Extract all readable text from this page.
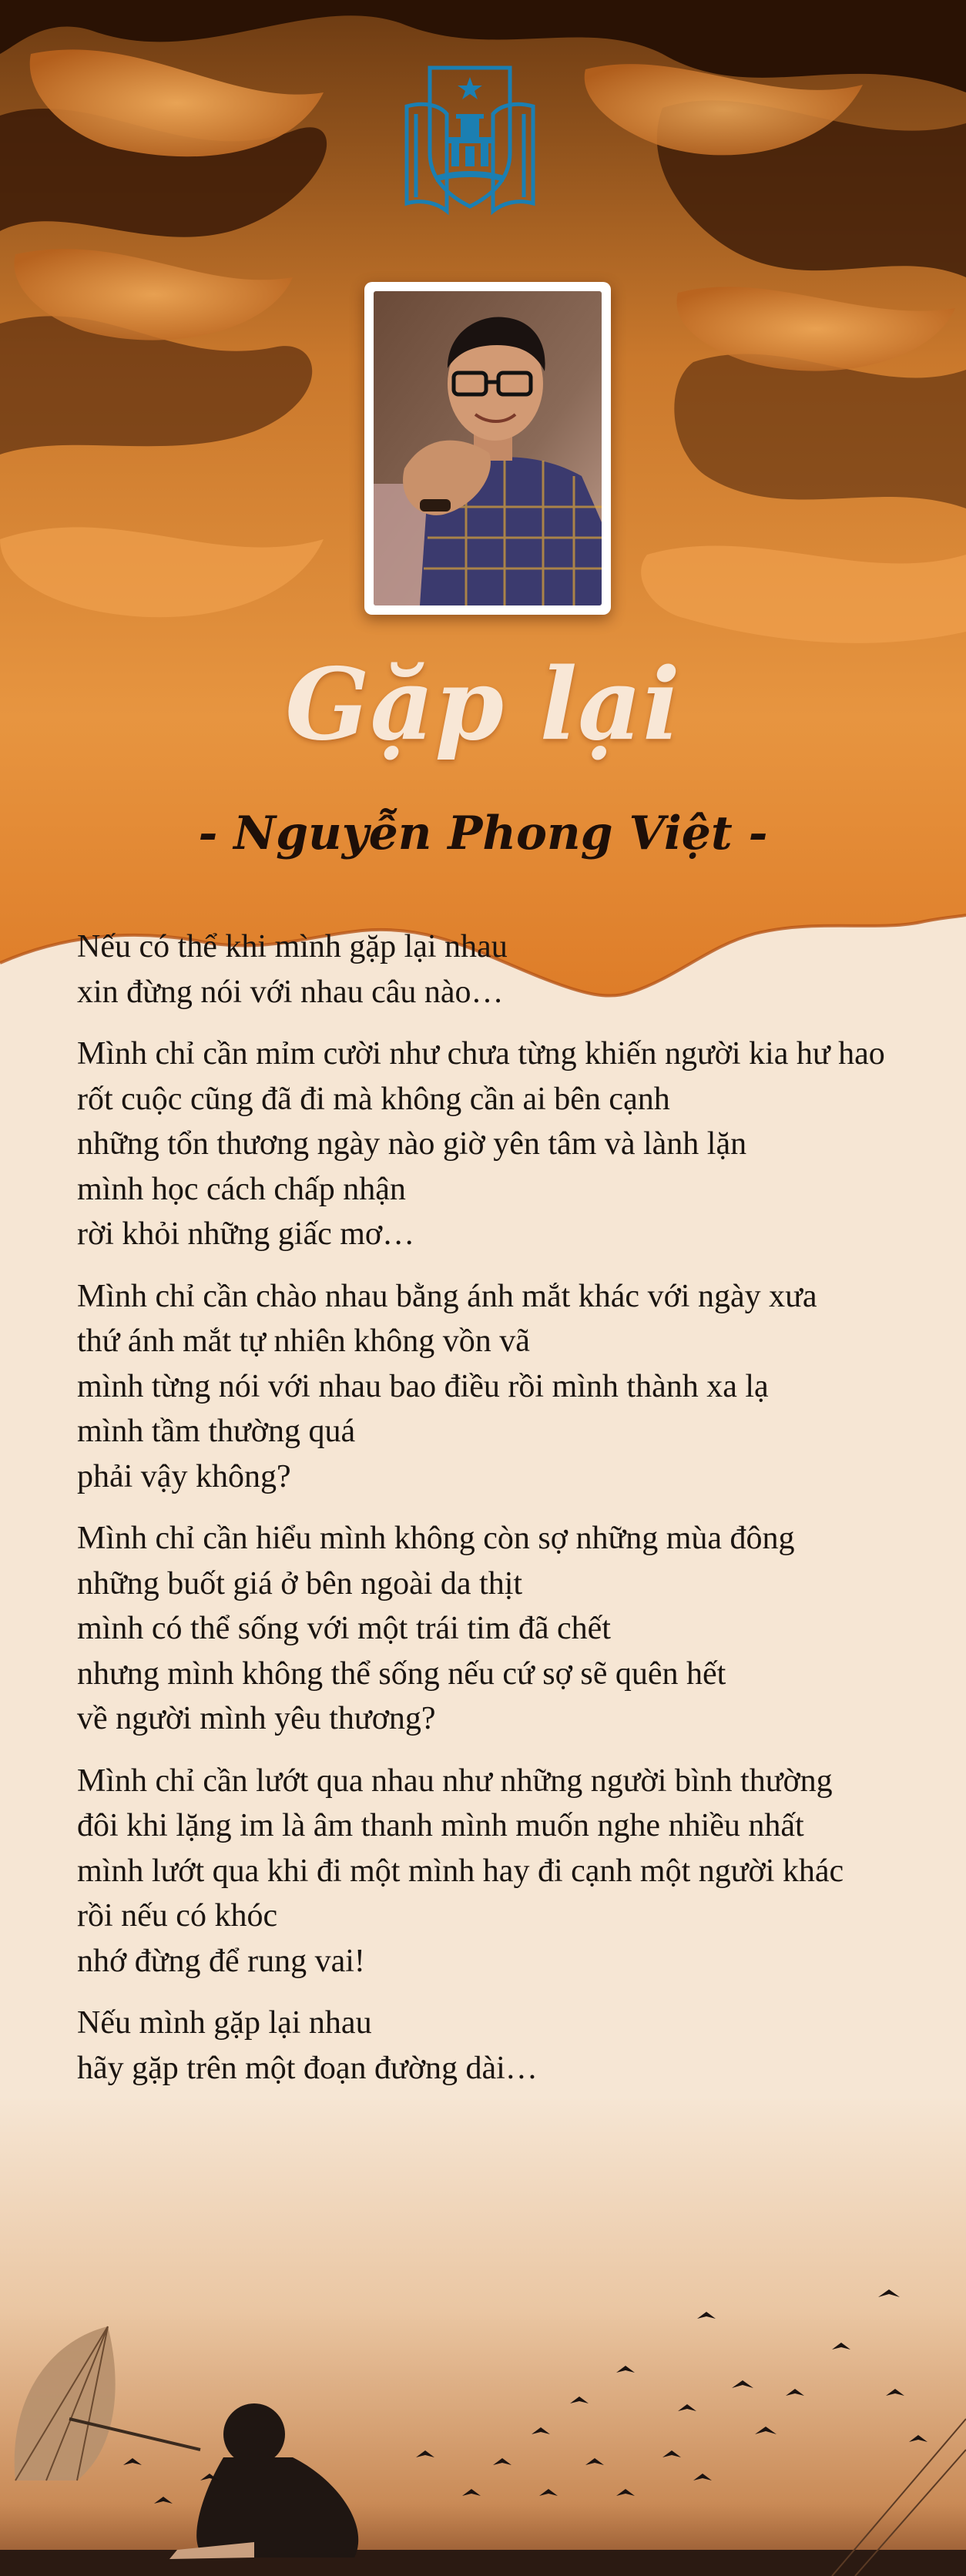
Gặp lại
- Nguyễn Phong Việt -
Nếu có thể khi mình gặp lại nhau
xin đừng nói với nhau câu nào…
Mình chỉ cần mỉm cười như chưa từng khiến người kia hư hao
rốt cuộc cũng đã đi mà không cần ai bên cạnh
những tổn thương ngày nào giờ yên tâm và lành lặn
mình học cách chấp nhận
rời khỏi những giấc mơ…
Mình chỉ cần chào nhau bằng ánh mắt khác với ngày xưa
thứ ánh mắt tự nhiên không vồn vã
mình từng nói với nhau bao điều rồi mình thành xa lạ
mình tầm thường quá
phải vậy không?
Mình chỉ cần hiểu mình không còn sợ những mùa đông
những buốt giá ở bên ngoài da thịt
mình có thể sống với một trái tim đã chết
nhưng mình không thể sống nếu cứ sợ sẽ quên hết
về người mình yêu thương?
Mình chỉ cần lướt qua nhau như những người bình thường
đôi khi lặng im là âm thanh mình muốn nghe nhiều nhất
mình lướt qua khi đi một mình hay đi cạnh một người khác
rồi nếu có khóc
nhớ đừng để rung vai!
Nếu mình gặp lại nhau
hãy gặp trên một đoạn đường dài…
